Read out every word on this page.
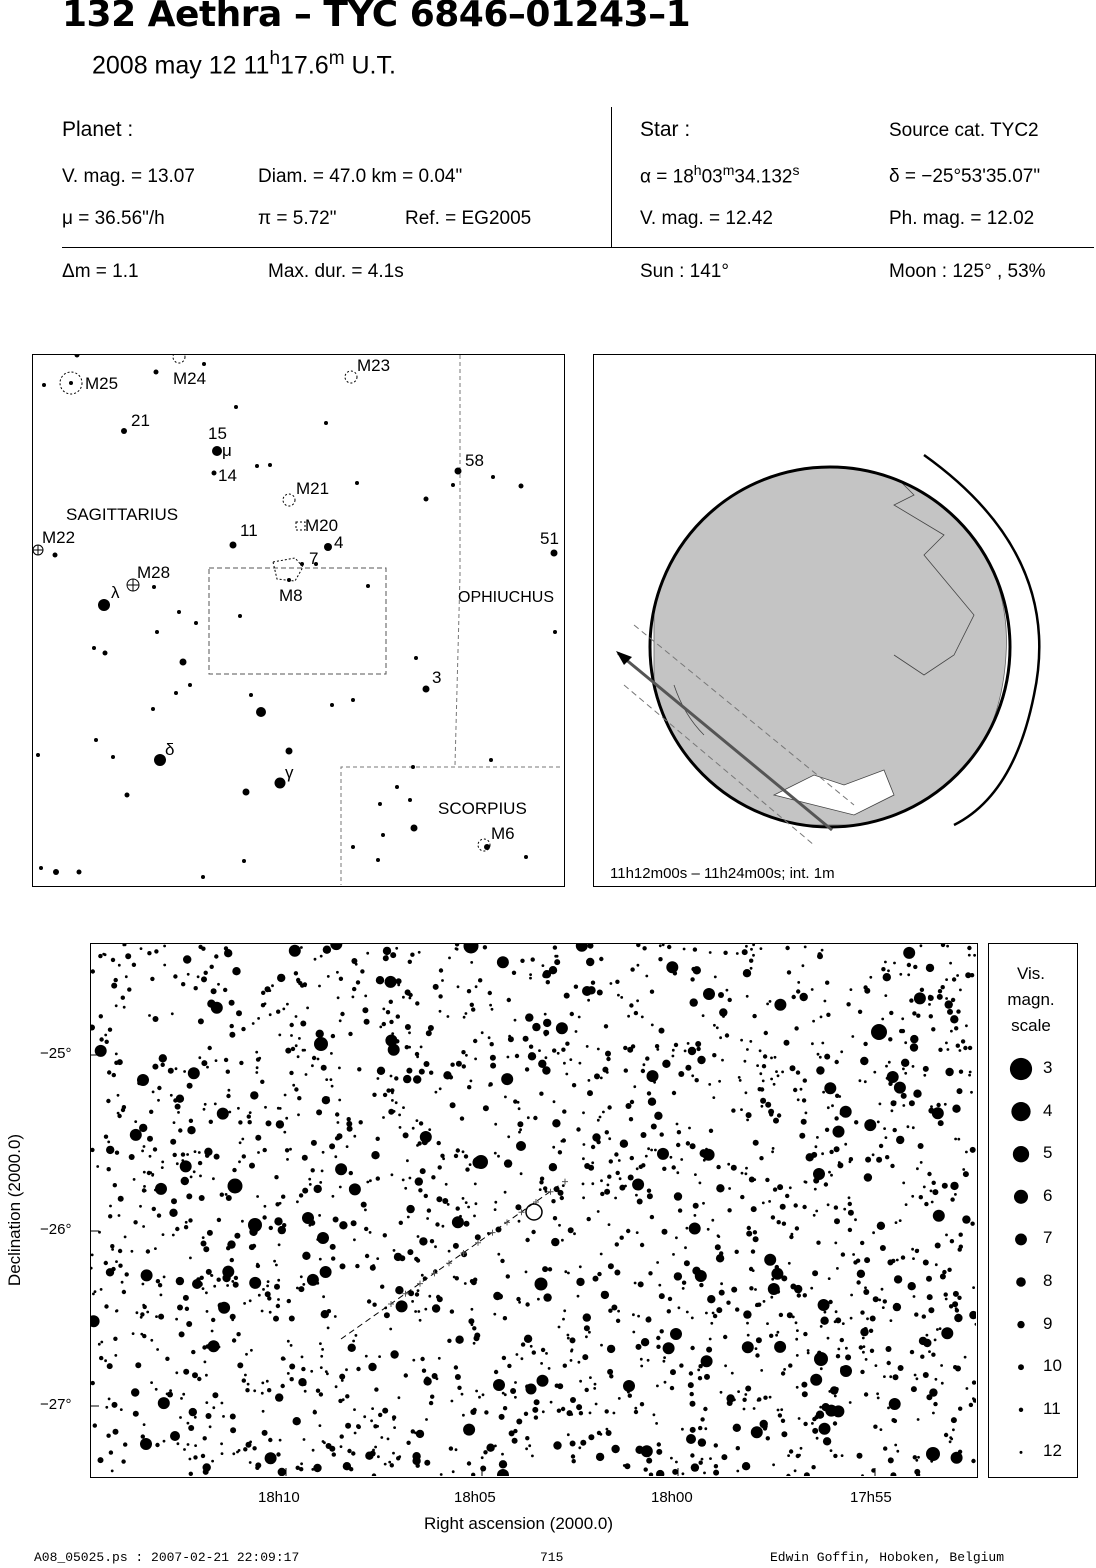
132 Aethra – TYC 6846–01243–1
2008 may 12 11$^h$17.6$^m$ U.T.
Planet :
V. mag. = 13.07	Diam. = 47.0 km = 0.04"
μ = 36.56"/h	π = 5.72"	Ref. = EG2005
Star :	Source cat. TYC2
$\alpha = 18^h03^m34.132^s$	δ = −25°53'35.07"
V. mag. = 12.42	Ph. mag. = 12.02
Δm = 1.1	Max. dur. = 4.1s	Sun : 141°	Moon : 125° , 53%
SAGITTARIUS
OPHIUCHUS
SCORPIUS
M25	M24
M23
21
15
μ
14
58
M21
M20
11
4
7
M22
M28
λ	M8
51
3
δ
γ
M6
11h12m00s – 11h24m00s; int. 1m
−25°
−26°
−27°
18h10	18h05	18h00	17h55
Right ascension (2000.0)
Declination (2000.0)
Vis.
magn.
scale
3
4
5
6
7
8
9
10
11
12
A08_05025.ps : 2007-02-21 22:09:17	715	Edwin Goffin, Hoboken, Belgium
